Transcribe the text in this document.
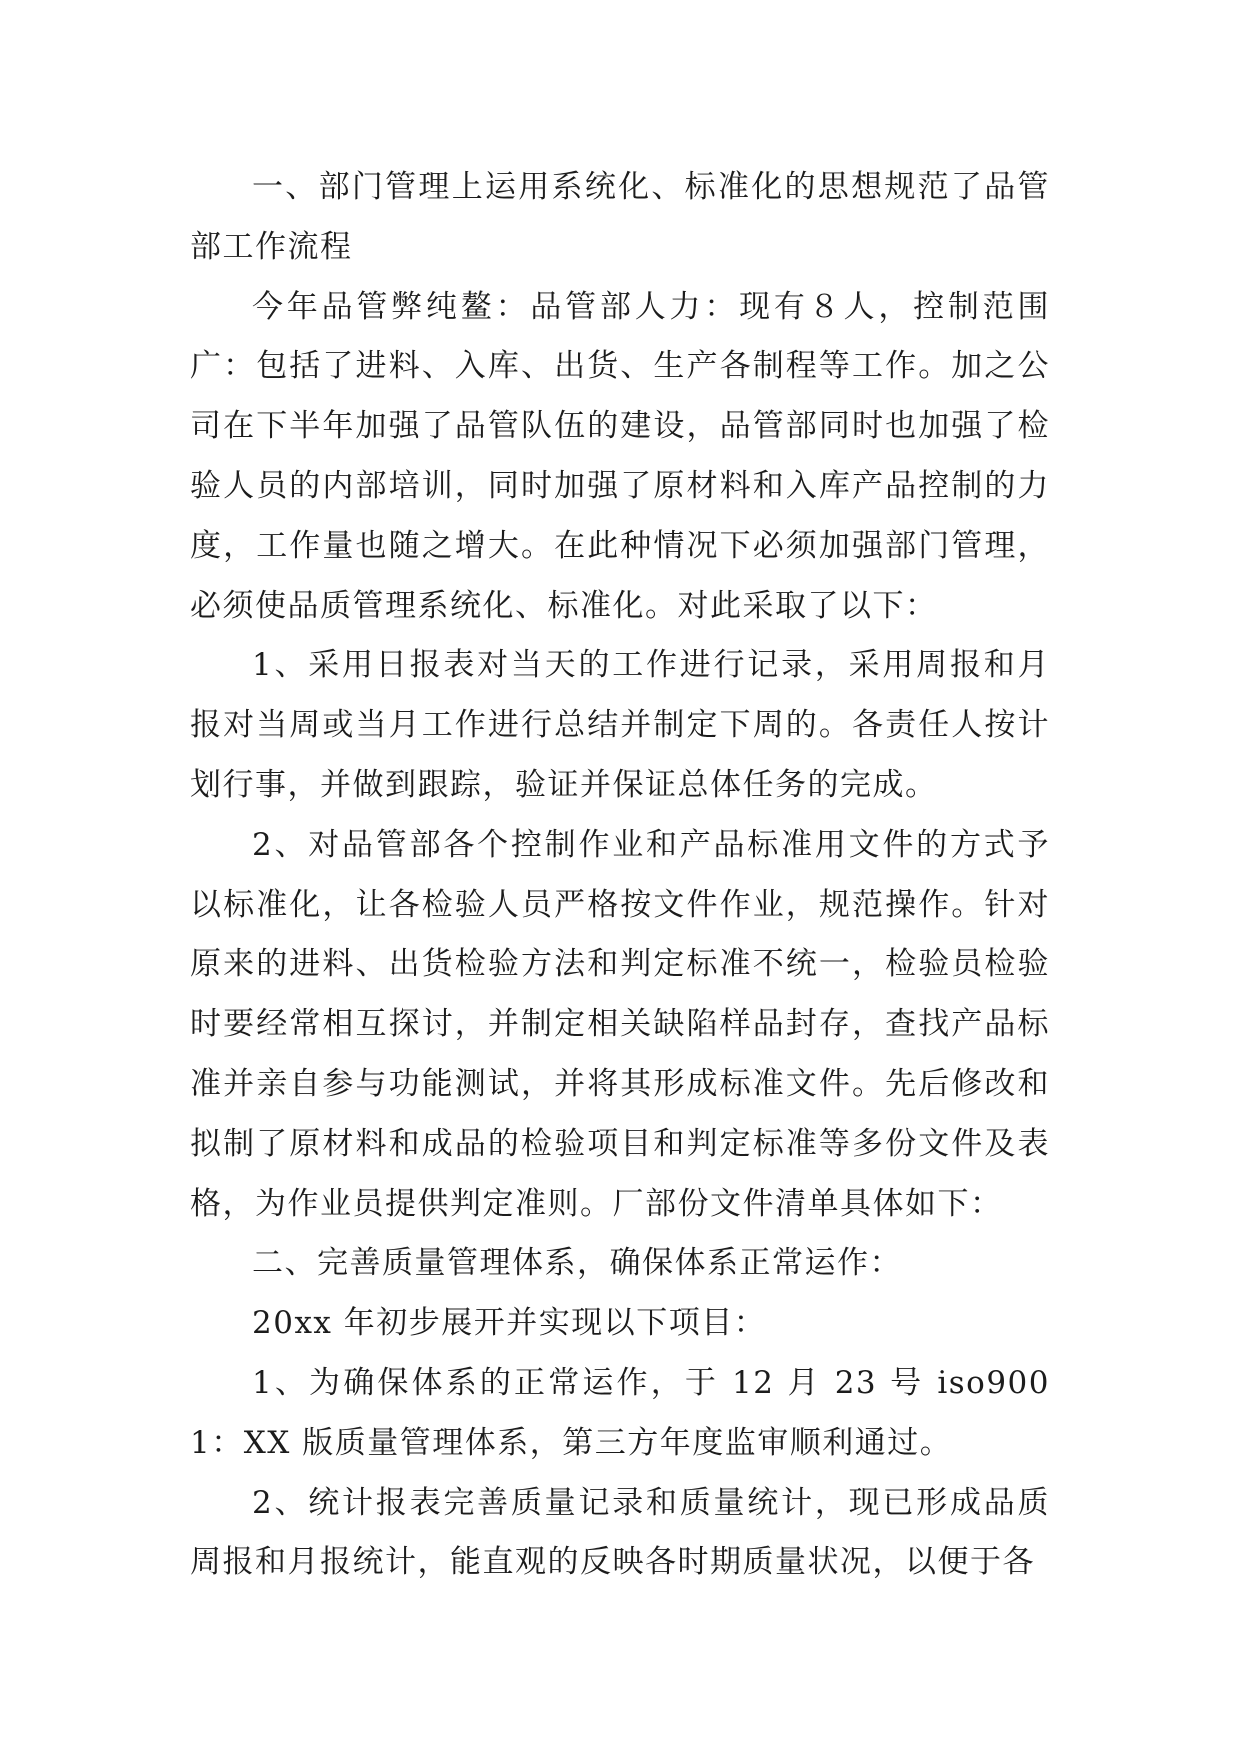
一、部门管理上运用系统化、标准化的思想规范了品管部工作流程

今年品管弊纯鳌：品管部人力：现有８人，控制范围广：包括了进料、入库、出货、生产各制程等工作。加之公司在下半年加强了品管队伍的建设，品管部同时也加强了检验人员的内部培训，同时加强了原材料和入库产品控制的力度，工作量也随之增大。在此种情况下必须加强部门管理，必须使品质管理系统化、标准化。对此采取了以下：

1、采用日报表对当天的工作进行记录，采用周报和月报对当周或当月工作进行总结并制定下周的。各责任人按计划行事，并做到跟踪，验证并保证总体任务的完成。

2、对品管部各个控制作业和产品标准用文件的方式予以标准化，让各检验人员严格按文件作业，规范操作。针对原来的进料、出货检验方法和判定标准不统一，检验员检验时要经常相互探讨，并制定相关缺陷样品封存，查找产品标准并亲自参与功能测试，并将其形成标准文件。先后修改和拟制了原材料和成品的检验项目和判定标准等多份文件及表格，为作业员提供判定准则。厂部份文件清单具体如下：

二、完善质量管理体系，确保体系正常运作：

20xx 年初步展开并实现以下项目：

1、为确保体系的正常运作，于 12 月 23 号 iso9001：XX 版质量管理体系，第三方年度监审顺利通过。

2、统计报表完善质量记录和质量统计，现已形成品质周报和月报统计，能直观的反映各时期质量状况，以便于各
